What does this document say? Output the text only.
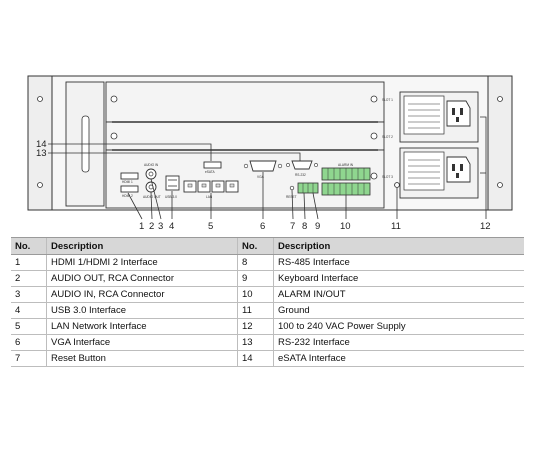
SLOT 1
SLOT 2
SLOT 3
HDMI 1
HDMI 2
AUDIO IN
AUDIO OUT USB 3.0	LAN
eSATA
VGA	RS-232
RESET
ALARM IN
1 2 3 4	5	6	7 8 9 10	11	12
13
14
No.	Description	No.	Description
1	HDMI 1/HDMI 2 Interface	8	RS-485 Interface
2	AUDIO OUT, RCA Connector	9	Keyboard Interface
3	AUDIO IN, RCA Connector	10	ALARM IN/OUT
4	USB 3.0 Interface	11	Ground
5	LAN Network Interface	12	100 to 240 VAC Power Supply
6	VGA Interface	13	RS-232 Interface
7	Reset Button	14	eSATA Interface
